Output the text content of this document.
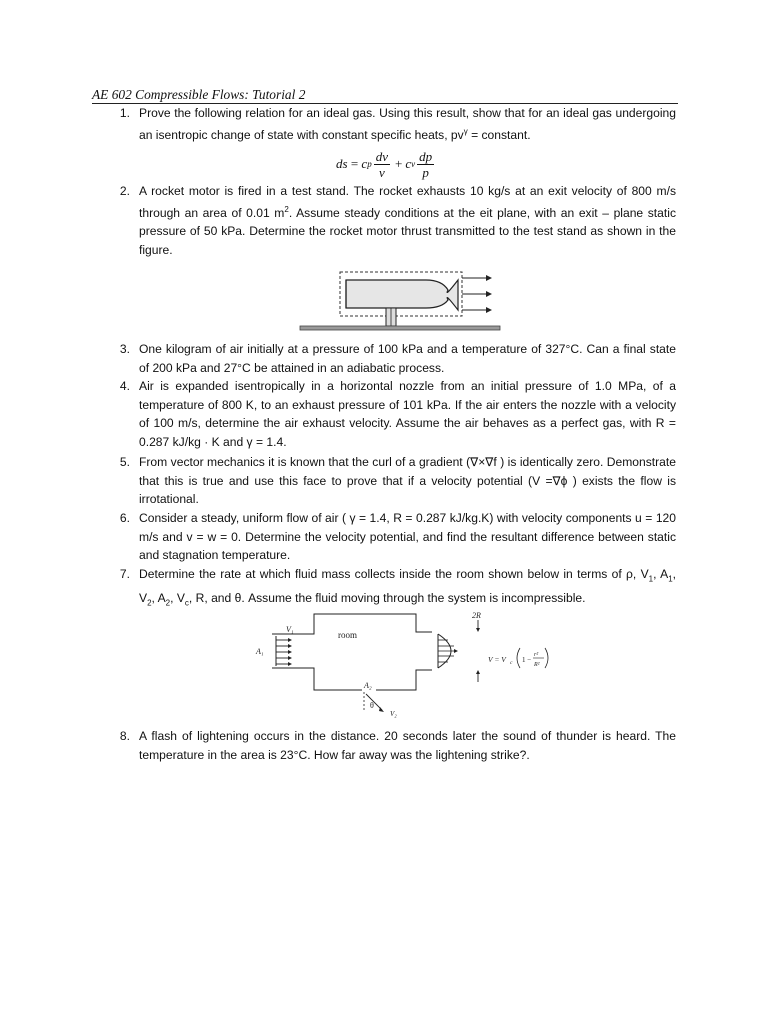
AE 602 Compressible Flows: Tutorial 2
1. Prove the following relation for an ideal gas. Using this result, show that for an ideal gas undergoing an isentropic change of state with constant specific heats, $pv^\gamma$ = constant.
ds
=
c p $\frac{dv}{v} + c$ v $\frac{dp}{p}$
2. A rocket motor is fired in a test stand. The rocket exhausts 10 kg/s at an exit velocity of 800 m/s through an area of 0.01 $m^2$. Assume steady conditions at the eit plane, with an exit – plane static pressure of 50 kPa. Determine the rocket motor thrust transmitted to the test stand as shown in the figure.
3. One kilogram of air initially at a pressure of 100 kPa and a temperature of 327°C. Can a final state of 200 kPa and 27°C be attained in an adiabatic process.
4. Air is expanded isentropically in a horizontal nozzle from an initial pressure of 1.0 MPa, of a temperature of 800 K, to an exhaust pressure of 101 kPa. If the air enters the nozzle with a velocity of 100 m/s, determine the air exhaust velocity. Assume the air behaves as a perfect gas, with R = 0.287 kJ/kg · K and γ = 1.4.
5. From vector mechanics it is known that the curl of a gradient (∇×∇f ) is identically zero. Demonstrate that this is true and use this face to prove that if a velocity potential (V =∇ϕ ) exists the flow is irrotational.
6. Consider a steady, uniform flow of air ( γ = 1.4, R = 0.287 kJ/kg.K) with velocity components u = 120 m/s and v = w = 0. Determine the velocity potential, and find the resultant difference between static and stagnation temperature.
7. Determine the rate at which fluid mass collects inside the room shown below in terms of ρ, $V_1$, $A_1$, $V_2$, $A_2$, $V_c$, R, and θ. Assume the fluid moving through the system is incompressible.
room
V₁
A₁
A₂
θ
V₂
2R
V = V c 1 −
r²
R²
8. A flash of lightening occurs in the distance. 20 seconds later the sound of thunder is heard. The temperature in the area is 23°C. How far away was the lightening strike?.
